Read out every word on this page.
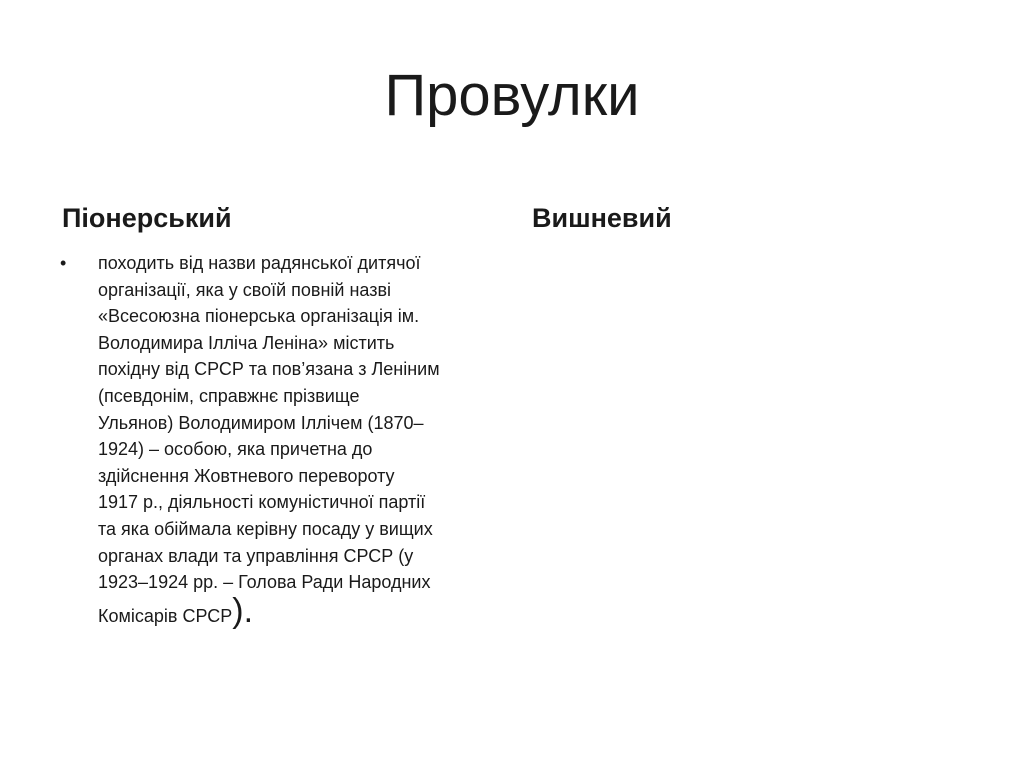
Провулки
Піонерський	Вишневий
• походить від назви радянської дитячої
організації, яка у своїй повній назві
«Всесоюзна піонерська організація ім.
Володимира Ілліча Леніна» містить
похідну від СРСР та пов’язана з Леніним
(псевдонім, справжнє прізвище
Ульянов) Володимиром Іллічем (1870–
1924) – особою, яка причетна до
здійснення Жовтневого перевороту
1917 р., діяльності комуністичної партії
та яка обіймала керівну посаду у вищих
органах влади та управління СРСР (у
1923–1924 рр. – Голова Ради Народних
Комісарів СРСР).
